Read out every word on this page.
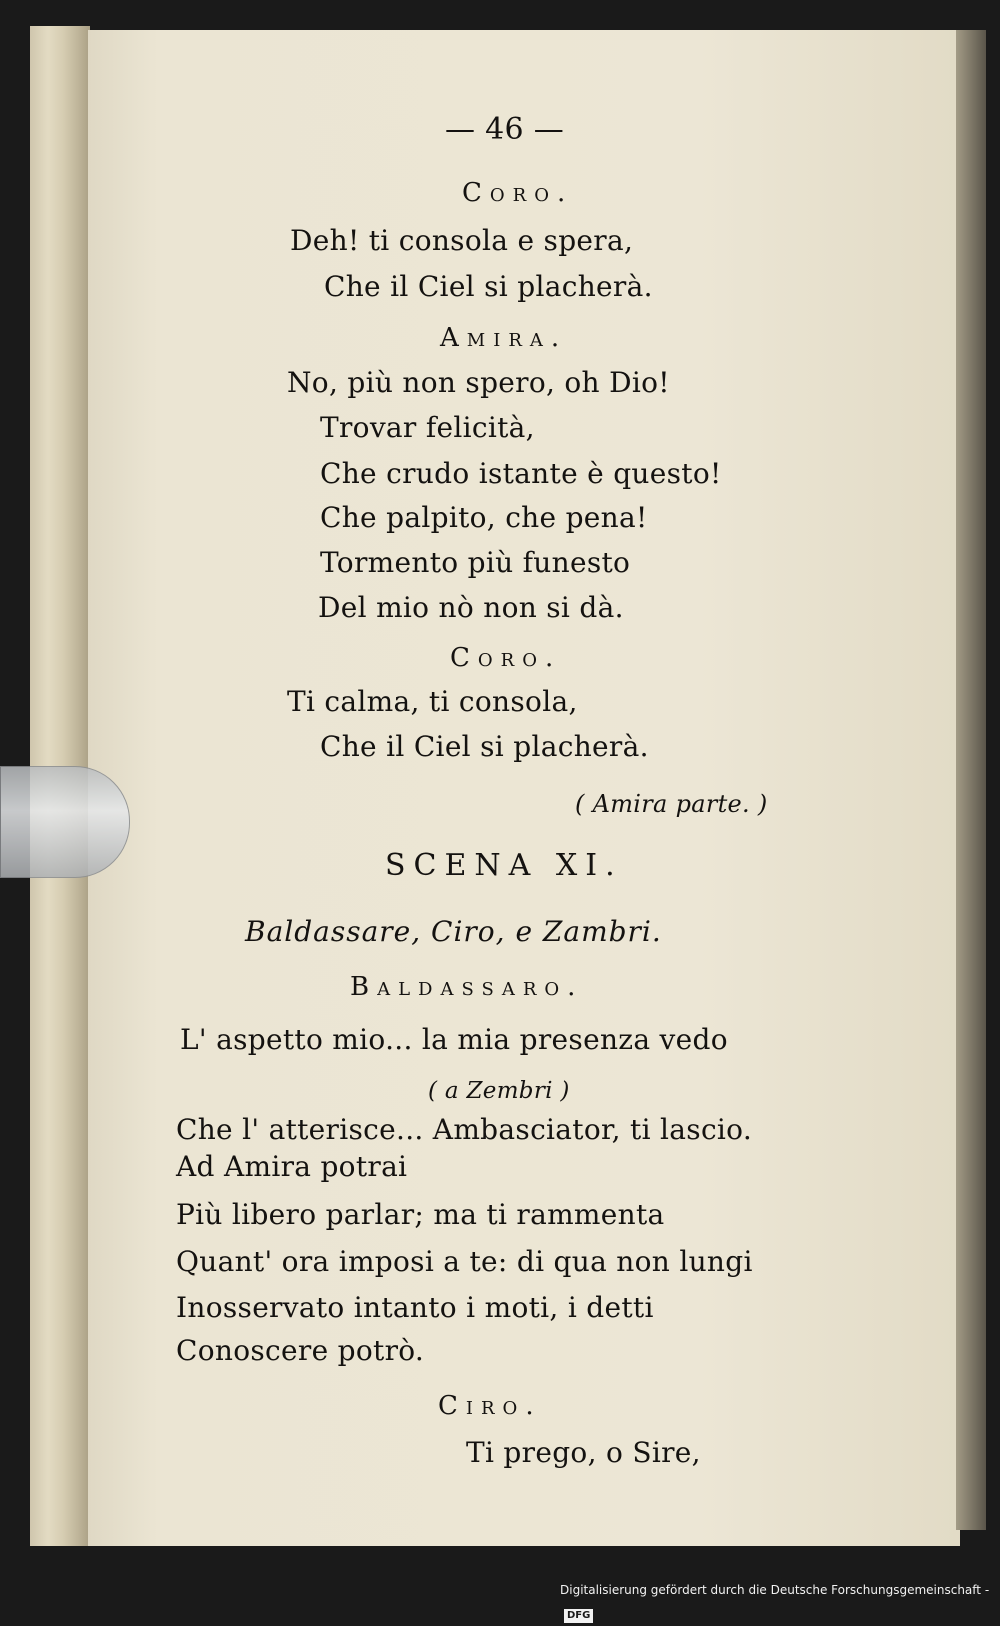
— 46 —
Coro.
Deh! ti consola e spera,
Che il Ciel si placherà.
Amira.
No, più non spero, oh Dio!
Trovar felicità,
Che crudo istante è questo!
Che palpito, che pena!
Tormento più funesto
Del mio nò non si dà.
Coro.
Ti calma, ti consola,
Che il Ciel si placherà.
( Amira parte. )
SCENA XI.
Baldassare, Ciro, e Zambri.
Baldassaro.
L' aspetto mio... la mia presenza vedo
( a Zembri )
Che l' atterisce... Ambasciator, ti lascio.
Ad Amira potrai
Più libero parlar; ma ti rammenta
Quant' ora imposi a te: di qua non lungi
Inosservato intanto i moti, i detti
Conoscere potrò.
Ciro.
Ti prego, o Sire,
Digitalisierung gefördert durch die Deutsche Forschungsgemeinschaft -DFG
